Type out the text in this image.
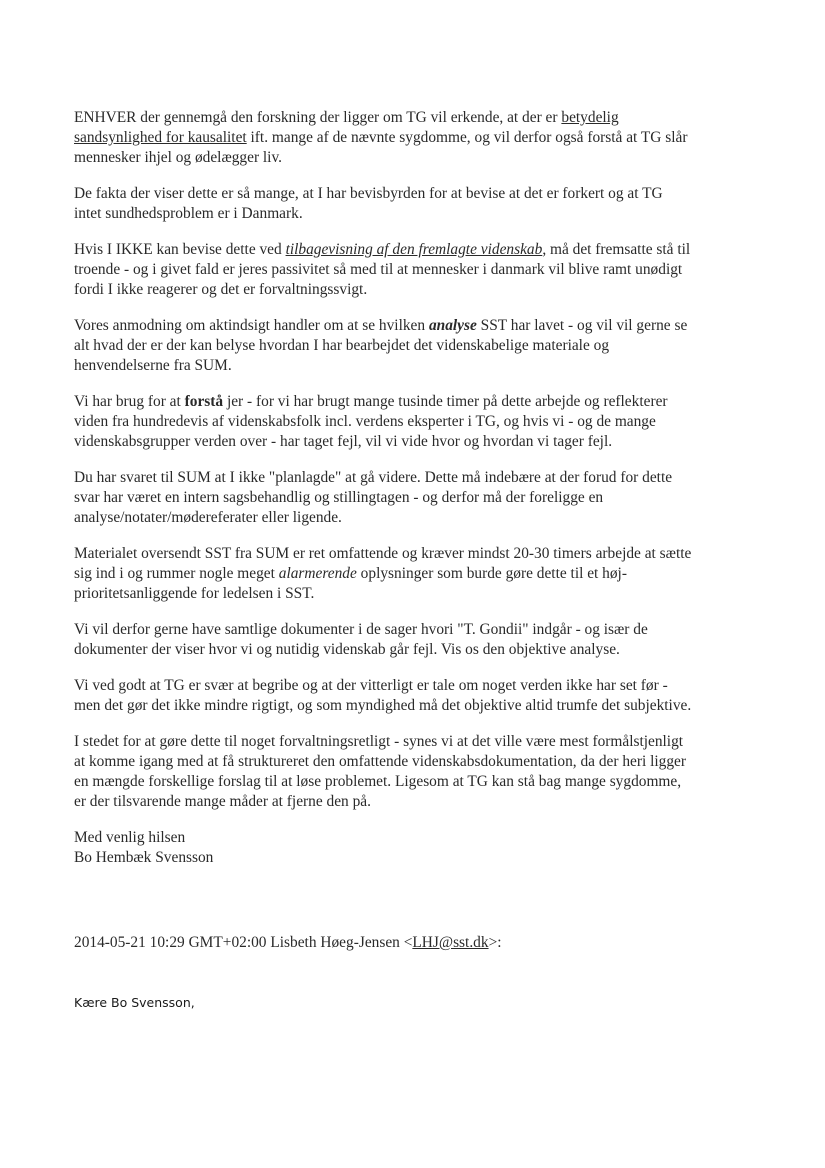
ENHVER der gennemgå den forskning der ligger om TG vil erkende, at der er betydelig
sandsynlighed for kausalitet ift. mange af de nævnte sygdomme, og vil derfor også forstå at TG slår
mennesker ihjel og ødelægger liv.
De fakta der viser dette er så mange, at I har bevisbyrden for at bevise at det er forkert og at TG
intet sundhedsproblem er i Danmark.
Hvis I IKKE kan bevise dette ved tilbagevisning af den fremlagte videnskab, må det fremsatte stå til
troende - og i givet fald er jeres passivitet så med til at mennesker i danmark vil blive ramt unødigt
fordi I ikke reagerer og det er forvaltningssvigt.
Vores anmodning om aktindsigt handler om at se hvilken analyse SST har lavet - og vil vil gerne se
alt hvad der er der kan belyse hvordan I har bearbejdet det videnskabelige materiale og
henvendelserne fra SUM.
Vi har brug for at forstå jer - for vi har brugt mange tusinde timer på dette arbejde og reflekterer
viden fra hundredevis af videnskabsfolk incl. verdens eksperter i TG, og hvis vi - og de mange
videnskabsgrupper verden over - har taget fejl, vil vi vide hvor og hvordan vi tager fejl.
Du har svaret til SUM at I ikke "planlagde" at gå videre. Dette må indebære at der forud for dette
svar har været en intern sagsbehandlig og stillingtagen - og derfor må der foreligge en
analyse/notater/mødereferater eller ligende.
Materialet oversendt SST fra SUM er ret omfattende og kræver mindst 20-30 timers arbejde at sætte
sig ind i og rummer nogle meget alarmerende oplysninger som burde gøre dette til et høj-
prioritetsanliggende for ledelsen i SST.
Vi vil derfor gerne have samtlige dokumenter i de sager hvori "T. Gondii" indgår - og især de
dokumenter der viser hvor vi og nutidig videnskab går fejl. Vis os den objektive analyse.
Vi ved godt at TG er svær at begribe og at der vitterligt er tale om noget verden ikke har set før -
men det gør det ikke mindre rigtigt, og som myndighed må det objektive altid trumfe det subjektive.
I stedet for at gøre dette til noget forvaltningsretligt - synes vi at det ville være mest formålstjenligt
at komme igang med at få struktureret den omfattende videnskabsdokumentation, da der heri ligger
en mængde forskellige forslag til at løse problemet. Ligesom at TG kan stå bag mange sygdomme,
er der tilsvarende mange måder at fjerne den på.
Med venlig hilsen
Bo Hembæk Svensson
2014-05-21 10:29 GMT+02:00 Lisbeth Høeg-Jensen <LHJ@sst.dk>:
Kære Bo Svensson,
